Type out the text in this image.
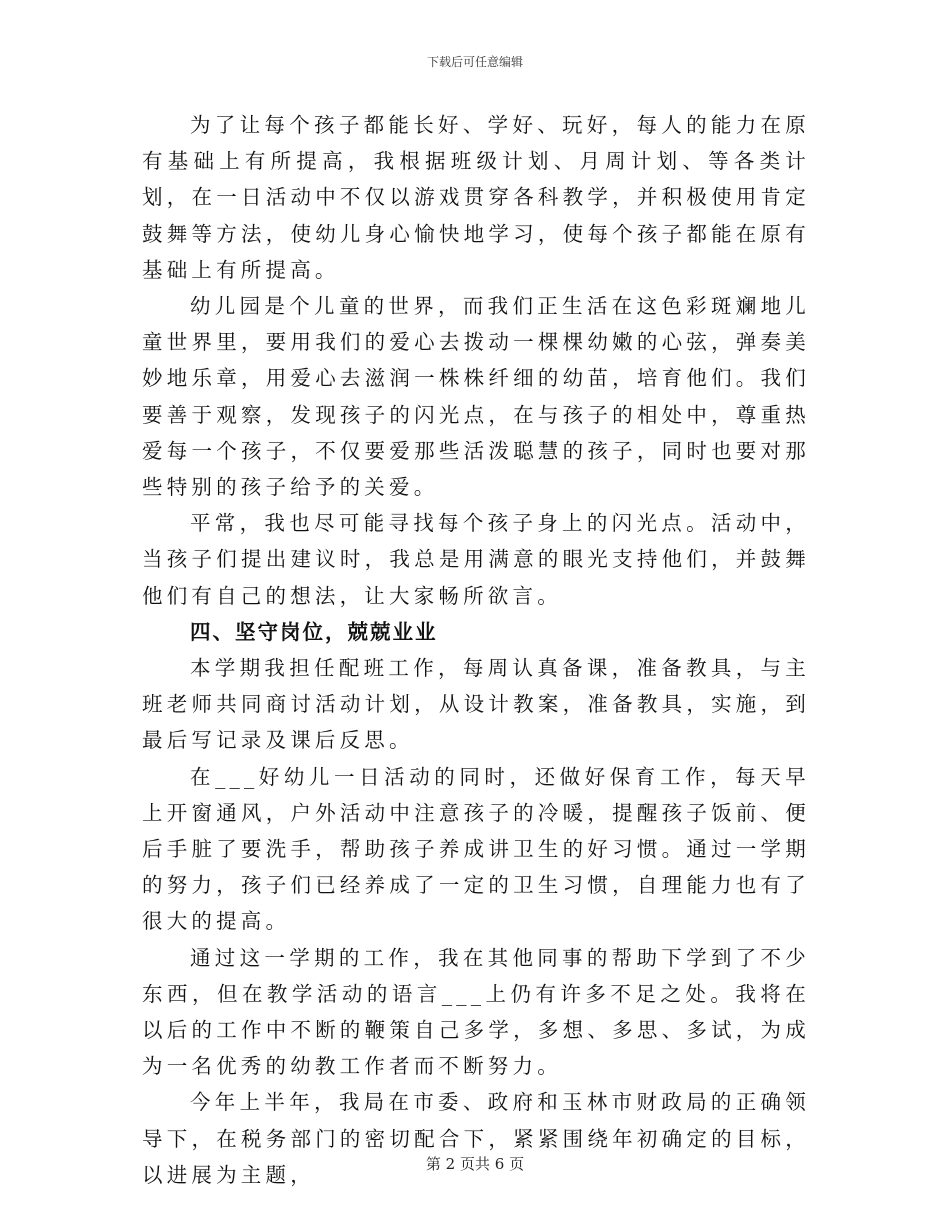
下载后可任意编辑

为了让每个孩子都能长好、学好、玩好，每人的能力在原有基础上有所提高，我根据班级计划、月周计划、等各类计划，在一日活动中不仅以游戏贯穿各科教学，并积极使用肯定鼓舞等方法，使幼儿身心愉快地学习，使每个孩子都能在原有基础上有所提高。

幼儿园是个儿童的世界，而我们正生活在这色彩斑斓地儿童世界里，要用我们的爱心去拨动一棵棵幼嫩的心弦，弹奏美妙地乐章，用爱心去滋润一株株纤细的幼苗，培育他们。我们要善于观察，发现孩子的闪光点，在与孩子的相处中，尊重热爱每一个孩子，不仅要爱那些活泼聪慧的孩子，同时也要对那些特别的孩子给予的关爱。

平常，我也尽可能寻找每个孩子身上的闪光点。活动中，当孩子们提出建议时，我总是用满意的眼光支持他们，并鼓舞他们有自己的想法，让大家畅所欲言。

四、坚守岗位，兢兢业业

本学期我担任配班工作，每周认真备课，准备教具，与主班老师共同商讨活动计划，从设计教案，准备教具，实施，到最后写记录及课后反思。

在___好幼儿一日活动的同时，还做好保育工作，每天早上开窗通风，户外活动中注意孩子的冷暖，提醒孩子饭前、便后手脏了要洗手，帮助孩子养成讲卫生的好习惯。通过一学期的努力，孩子们已经养成了一定的卫生习惯，自理能力也有了很大的提高。

通过这一学期的工作，我在其他同事的帮助下学到了不少东西，但在教学活动的语言___上仍有许多不足之处。我将在以后的工作中不断的鞭策自己多学，多想、多思、多试，为成为一名优秀的幼教工作者而不断努力。

今年上半年，我局在市委、政府和玉林市财政局的正确领导下，在税务部门的密切配合下，紧紧围绕年初确定的目标，以进展为主题，	第 2 页共 6 页
